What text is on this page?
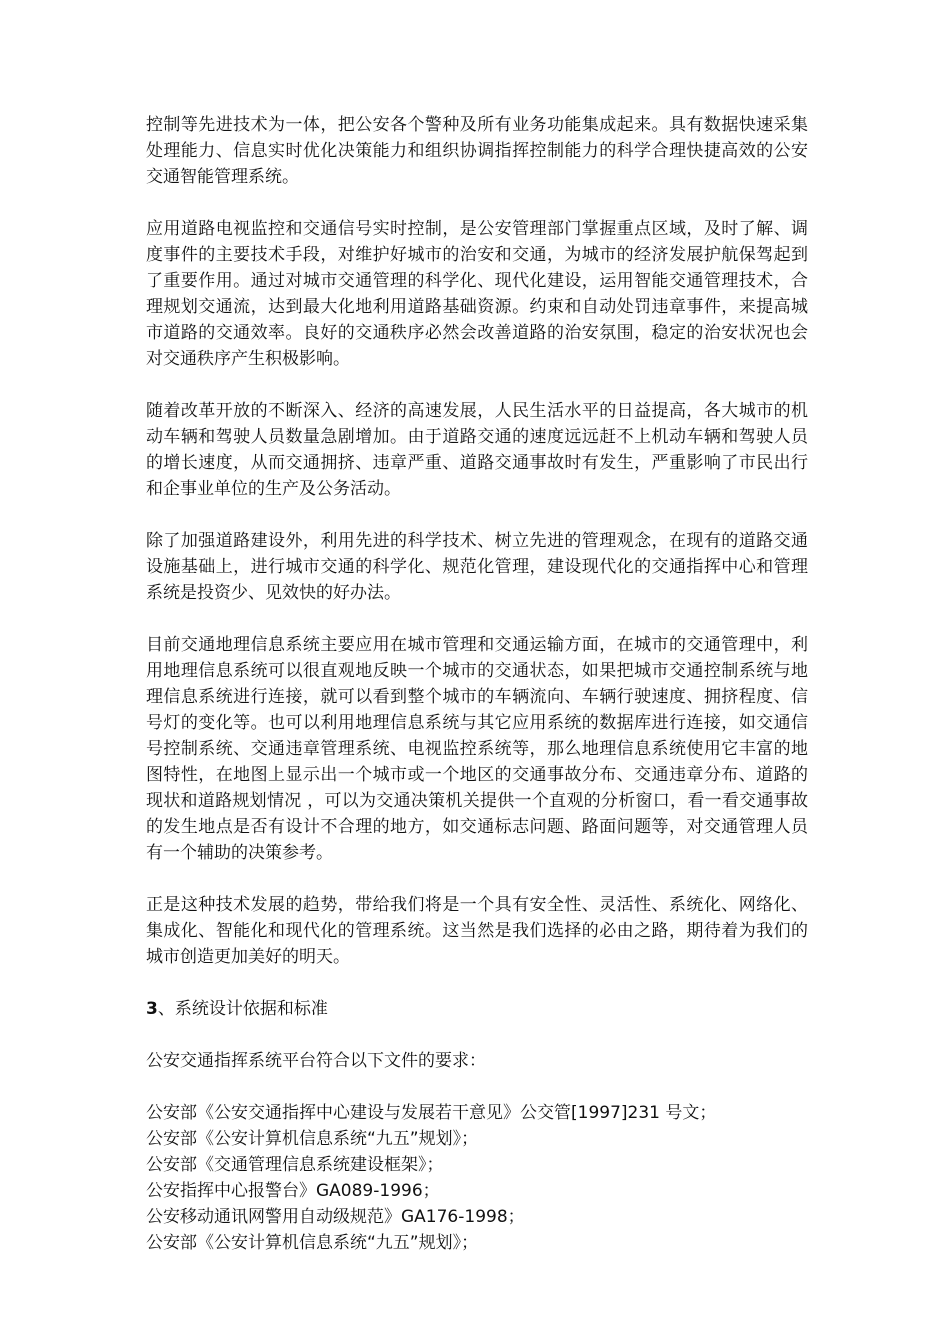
控制等先进技术为一体，把公安各个警种及所有业务功能集成起来。具有数据快速采集处理能力、信息实时优化决策能力和组织协调指挥控制能力的科学合理快捷高效的公安交通智能管理系统。

应用道路电视监控和交通信号实时控制，是公安管理部门掌握重点区域，及时了解、调度事件的主要技术手段，对维护好城市的治安和交通，为城市的经济发展护航保驾起到了重要作用。通过对城市交通管理的科学化、现代化建设，运用智能交通管理技术，合理规划交通流，达到最大化地利用道路基础资源。约束和自动处罚违章事件，来提高城市道路的交通效率。良好的交通秩序必然会改善道路的治安氛围，稳定的治安状况也会对交通秩序产生积极影响。

随着改革开放的不断深入、经济的高速发展，人民生活水平的日益提高，各大城市的机动车辆和驾驶人员数量急剧增加。由于道路交通的速度远远赶不上机动车辆和驾驶人员的增长速度，从而交通拥挤、违章严重、道路交通事故时有发生，严重影响了市民出行和企事业单位的生产及公务活动。

除了加强道路建设外，利用先进的科学技术、树立先进的管理观念，在现有的道路交通设施基础上，进行城市交通的科学化、规范化管理，建设现代化的交通指挥中心和管理系统是投资少、见效快的好办法。

目前交通地理信息系统主要应用在城市管理和交通运输方面，在城市的交通管理中，利用地理信息系统可以很直观地反映一个城市的交通状态，如果把城市交通控制系统与地理信息系统进行连接，就可以看到整个城市的车辆流向、车辆行驶速度、拥挤程度、信号灯的变化等。也可以利用地理信息系统与其它应用系统的数据库进行连接，如交通信号控制系统、交通违章管理系统、电视监控系统等，那么地理信息系统使用它丰富的地图特性，在地图上显示出一个城市或一个地区的交通事故分布、交通违章分布、道路的现状和道路规划情况 ，可以为交通决策机关提供一个直观的分析窗口，看一看交通事故的发生地点是否有设计不合理的地方，如交通标志问题、路面问题等，对交通管理人员有一个辅助的决策参考。

正是这种技术发展的趋势，带给我们将是一个具有安全性、灵活性、系统化、网络化、集成化、智能化和现代化的管理系统。这当然是我们选择的必由之路，期待着为我们的城市创造更加美好的明天。

3、系统设计依据和标准

公安交通指挥系统平台符合以下文件的要求：

公安部《公安交通指挥中心建设与发展若干意见》公交管[1997]231 号文；
公安部《公安计算机信息系统“九五”规划》；
公安部《交通管理信息系统建设框架》；
公安指挥中心报警台》GA089-1996；
公安移动通讯网警用自动级规范》GA176-1998；
公安部《公安计算机信息系统“九五”规划》；
